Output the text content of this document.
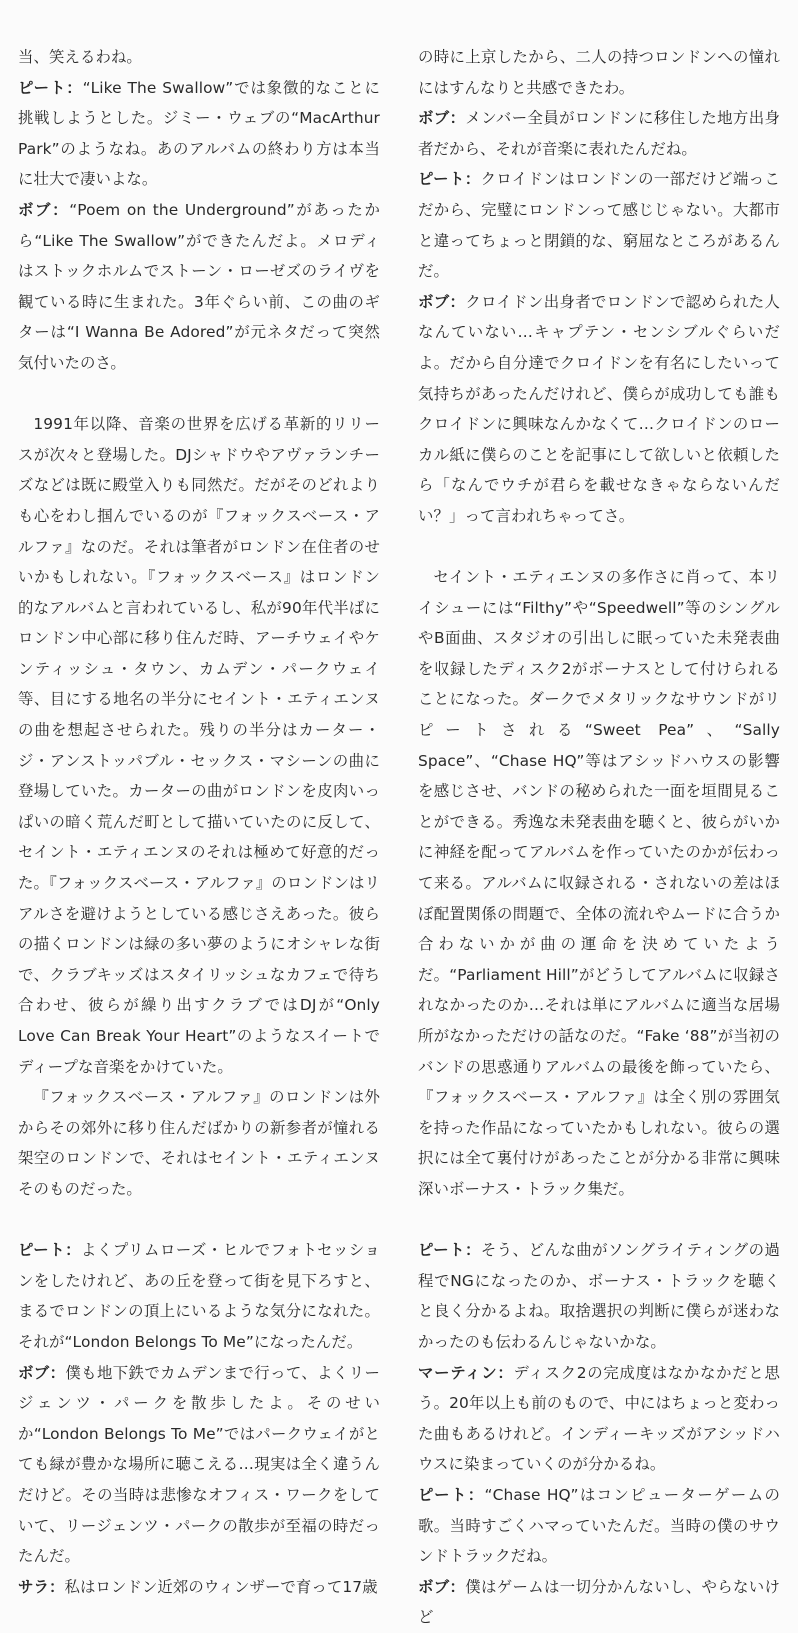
当、笑えるわね。

ピート：“Like The Swallow”では象徴的なことに挑戦しようとした。ジミー・ウェブの“MacArthur Park”のようなね。あのアルバムの終わり方は本当に壮大で凄いよな。

ボブ：“Poem on the Underground”があったから“Like The Swallow”ができたんだよ。メロディはストックホルムでストーン・ローゼズのライヴを観ている時に生まれた。3年ぐらい前、この曲のギターは“I Wanna Be Adored”が元ネタだって突然気付いたのさ。

1991年以降、音楽の世界を広げる革新的リリースが次々と登場した。DJシャドウやアヴァランチーズなどは既に殿堂入りも同然だ。だがそのどれよりも心をわし掴んでいるのが『フォックスベース・アルファ』なのだ。それは筆者がロンドン在住者のせいかもしれない。『フォックスベース』はロンドン的なアルバムと言われているし、私が90年代半ばにロンドン中心部に移り住んだ時、アーチウェイやケンティッシュ・タウン、カムデン・パークウェイ等、目にする地名の半分にセイント・エティエンヌの曲を想起させられた。残りの半分はカーター・ジ・アンストッパブル・セックス・マシーンの曲に登場していた。カーターの曲がロンドンを皮肉いっぱいの暗く荒んだ町として描いていたのに反して、セイント・エティエンヌのそれは極めて好意的だった。『フォックスベース・アルファ』のロンドンはリアルさを避けようとしている感じさえあった。彼らの描くロンドンは緑の多い夢のようにオシャレな街で、クラブキッズはスタイリッシュなカフェで待ち合わせ、彼らが繰り出すクラブではDJが“Only Love Can Break Your Heart”のようなスイートでディープな音楽をかけていた。

『フォックスベース・アルファ』のロンドンは外からその郊外に移り住んだばかりの新参者が憧れる架空のロンドンで、それはセイント・エティエンヌそのものだった。

ピート：よくプリムローズ・ヒルでフォトセッションをしたけれど、あの丘を登って街を見下ろすと、まるでロンドンの頂上にいるような気分になれた。それが“London Belongs To Me”になったんだ。

ボブ：僕も地下鉄でカムデンまで行って、よくリージェンツ・パークを散歩したよ。そのせいか“London Belongs To Me”ではパークウェイがとても緑が豊かな場所に聴こえる…現実は全く違うんだけど。その当時は悲惨なオフィス・ワークをしていて、リージェンツ・パークの散歩が至福の時だったんだ。

サラ：私はロンドン近郊のウィンザーで育って17歳

の時に上京したから、二人の持つロンドンへの憧れにはすんなりと共感できたわ。

ボブ：メンバー全員がロンドンに移住した地方出身者だから、それが音楽に表れたんだね。

ピート：クロイドンはロンドンの一部だけど端っこだから、完璧にロンドンって感じじゃない。大都市と違ってちょっと閉鎖的な、窮屈なところがあるんだ。

ボブ：クロイドン出身者でロンドンで認められた人なんていない…キャプテン・センシブルぐらいだよ。だから自分達でクロイドンを有名にしたいって気持ちがあったんだけれど、僕らが成功しても誰もクロイドンに興味なんかなくて…クロイドンのローカル紙に僕らのことを記事にして欲しいと依頼したら「なんでウチが君らを載せなきゃならないんだい？」って言われちゃってさ。

セイント・エティエンヌの多作さに肖って、本リイシューには“Filthy”や“Speedwell”等のシングルやB面曲、スタジオの引出しに眠っていた未発表曲を収録したディスク2がボーナスとして付けられることになった。ダークでメタリックなサウンドがリピートされる“Sweet Pea”、“Sally Space”、“Chase HQ”等はアシッドハウスの影響を感じさせ、バンドの秘められた一面を垣間見ることができる。秀逸な未発表曲を聴くと、彼らがいかに神経を配ってアルバムを作っていたのかが伝わって来る。アルバムに収録される・されないの差はほぼ配置関係の問題で、全体の流れやムードに合うか合わないかが曲の運命を決めていたようだ。“Parliament Hill”がどうしてアルバムに収録されなかったのか…それは単にアルバムに適当な居場所がなかっただけの話なのだ。“Fake ‘88”が当初のバンドの思惑通りアルバムの最後を飾っていたら、『フォックスベース・アルファ』は全く別の雰囲気を持った作品になっていたかもしれない。彼らの選択には全て裏付けがあったことが分かる非常に興味深いボーナス・トラック集だ。

ピート：そう、どんな曲がソングライティングの過程でNGになったのか、ボーナス・トラックを聴くと良く分かるよね。取捨選択の判断に僕らが迷わなかったのも伝わるんじゃないかな。

マーティン：ディスク2の完成度はなかなかだと思う。20年以上も前のもので、中にはちょっと変わった曲もあるけれど。インディーキッズがアシッドハウスに染まっていくのが分かるね。

ピート：“Chase HQ”はコンピューターゲームの歌。当時すごくハマっていたんだ。当時の僕のサウンドトラックだね。

ボブ：僕はゲームは一切分かんないし、やらないけど
